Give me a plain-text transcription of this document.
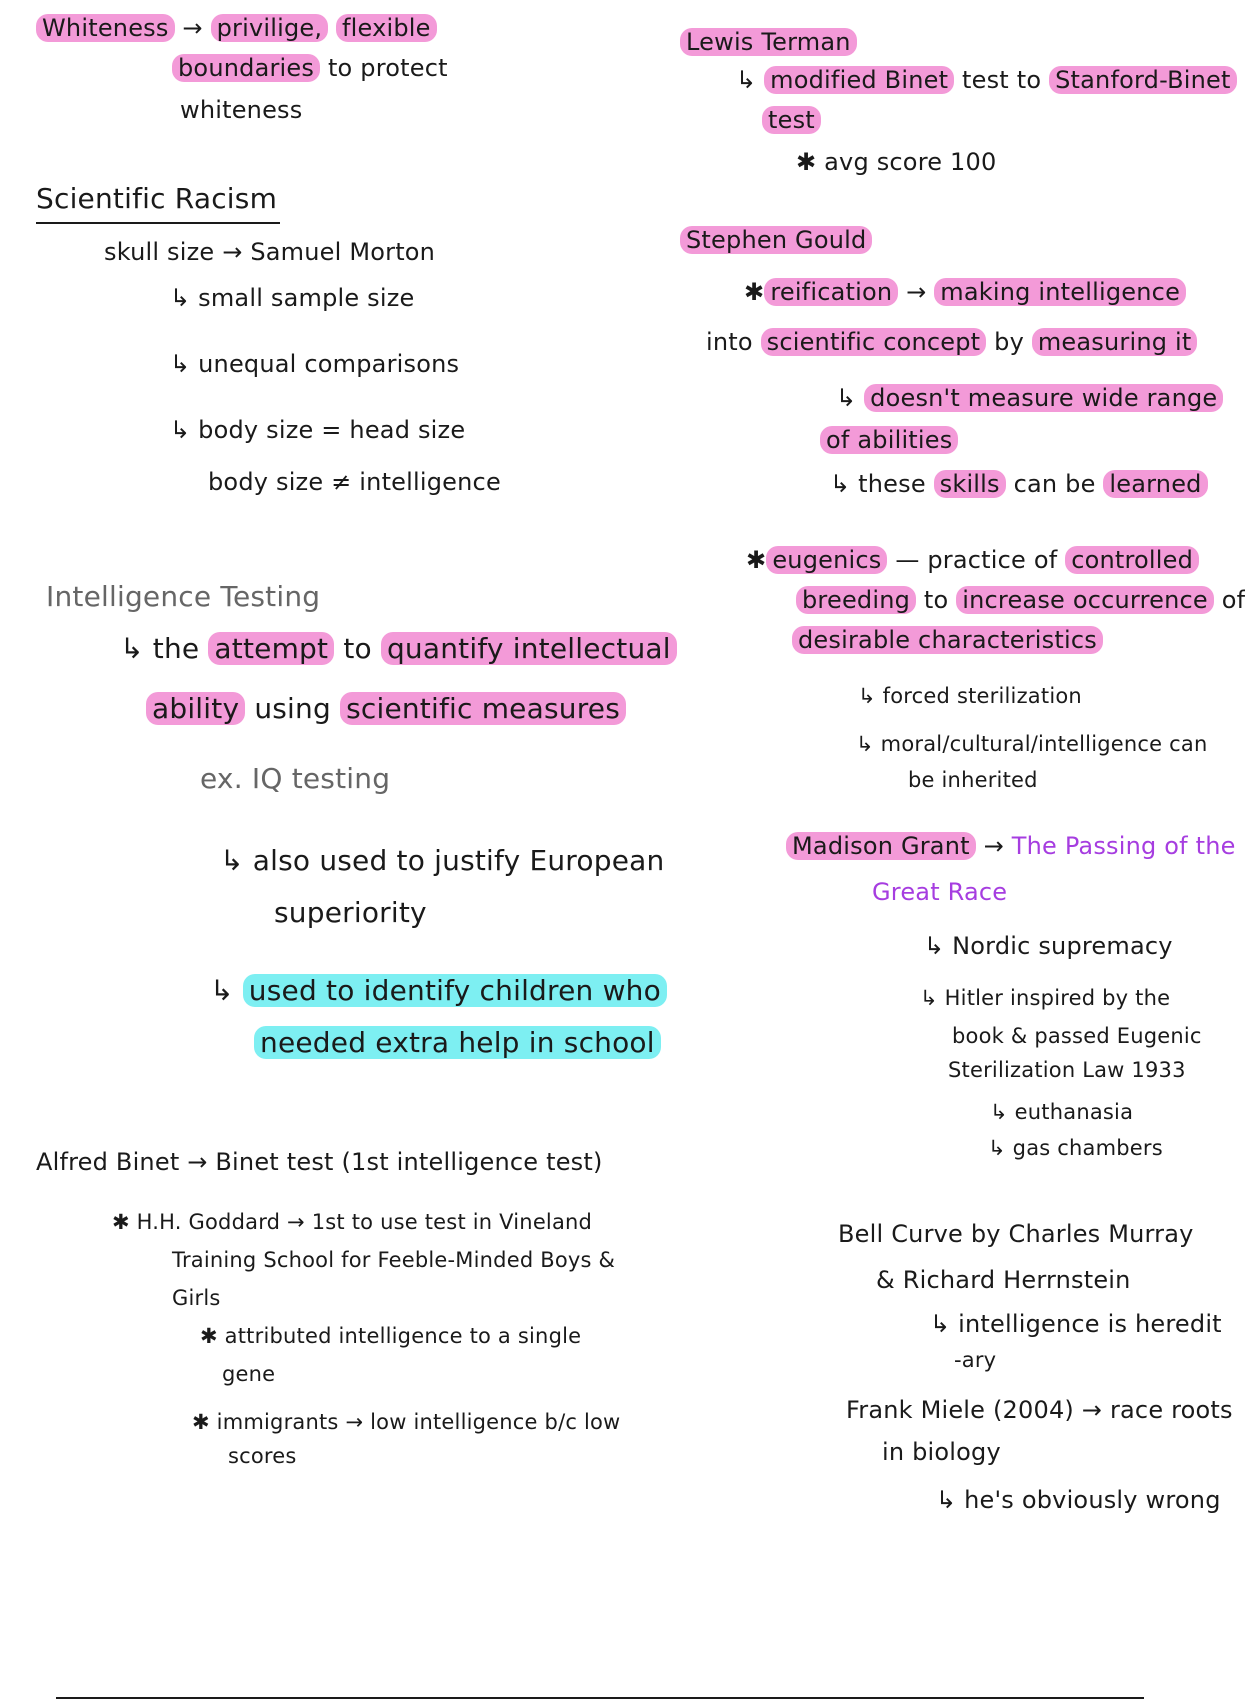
Whiteness → privilige, flexible
boundaries to protect
whiteness
Scientific Racism
skull size → Samuel Morton
↳ small sample size
↳ unequal comparisons
↳ body size = head size
body size ≠ intelligence
Intelligence Testing
↳ the attempt to quantify intellectual
ability using scientific measures
ex. IQ testing
↳ also used to justify European
superiority
↳ used to identify children who
needed extra help in school
Alfred Binet → Binet test (1st intelligence test)
✱ H.H. Goddard → 1st to use test in Vineland
Training School for Feeble-Minded Boys &
Girls
✱ attributed intelligence to a single
gene
✱ immigrants → low intelligence b/c low
scores
Lewis Terman
↳ modified Binet test to Stanford-Binet
test
✱ avg score 100
Stephen Gould
✱ reification → making intelligence
into scientific concept by measuring it
↳ doesn't measure wide range
of abilities
↳ these skills can be learned
✱ eugenics — practice of controlled
breeding to increase occurrence of
desirable characteristics
↳ forced sterilization
↳ moral/cultural/intelligence can
be inherited
Madison Grant → The Passing of the
Great Race
↳ Nordic supremacy
↳ Hitler inspired by the
book & passed Eugenic
Sterilization Law 1933
↳ euthanasia
↳ gas chambers
Bell Curve by Charles Murray
& Richard Herrnstein
↳ intelligence is heredit
-ary
Frank Miele (2004) → race roots
in biology
↳ he's obviously wrong
